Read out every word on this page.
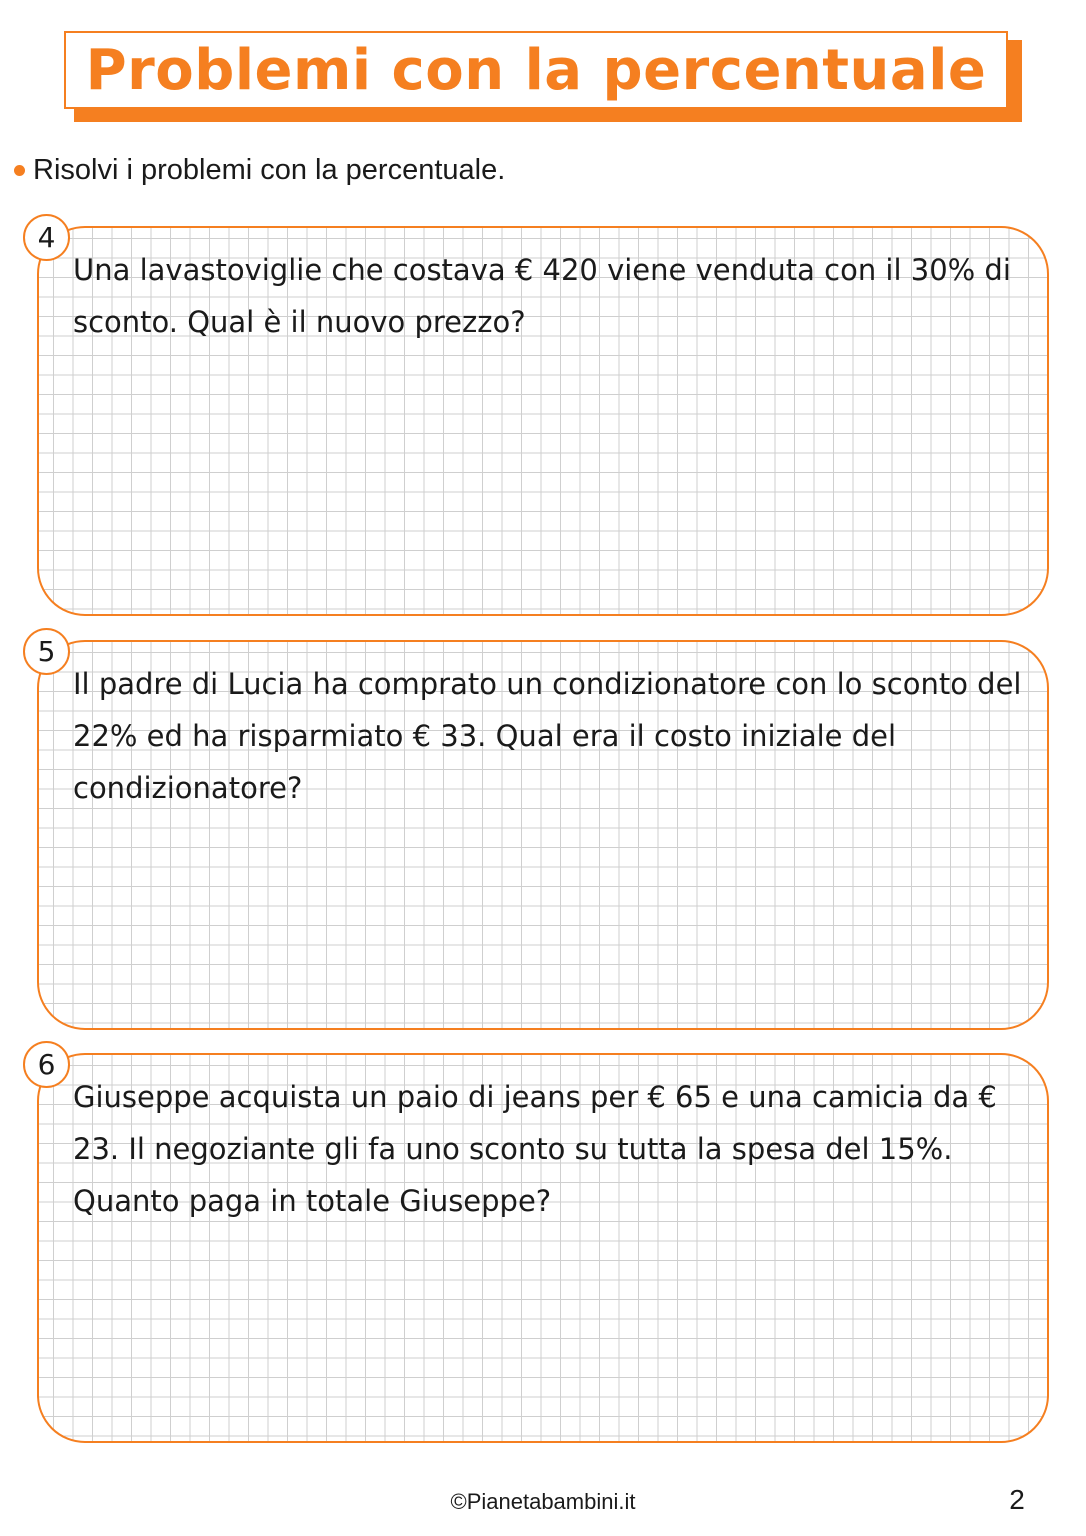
Problemi con la percentuale
Risolvi i problemi con la percentuale.
4

Una lavastoviglie che costava € 420 viene venduta con il 30% di sconto. Qual è il nuovo prezzo?

5

Il padre di Lucia ha comprato un condizionatore con lo sconto del 22% ed ha risparmiato € 33. Qual era il costo iniziale del condizionatore?

6

Giuseppe acquista un paio di jeans per € 65 e una camicia da € 23. Il negoziante gli fa uno sconto su tutta la spesa del 15%. Quanto paga in totale Giuseppe?

©Pianetabambini.it	2
